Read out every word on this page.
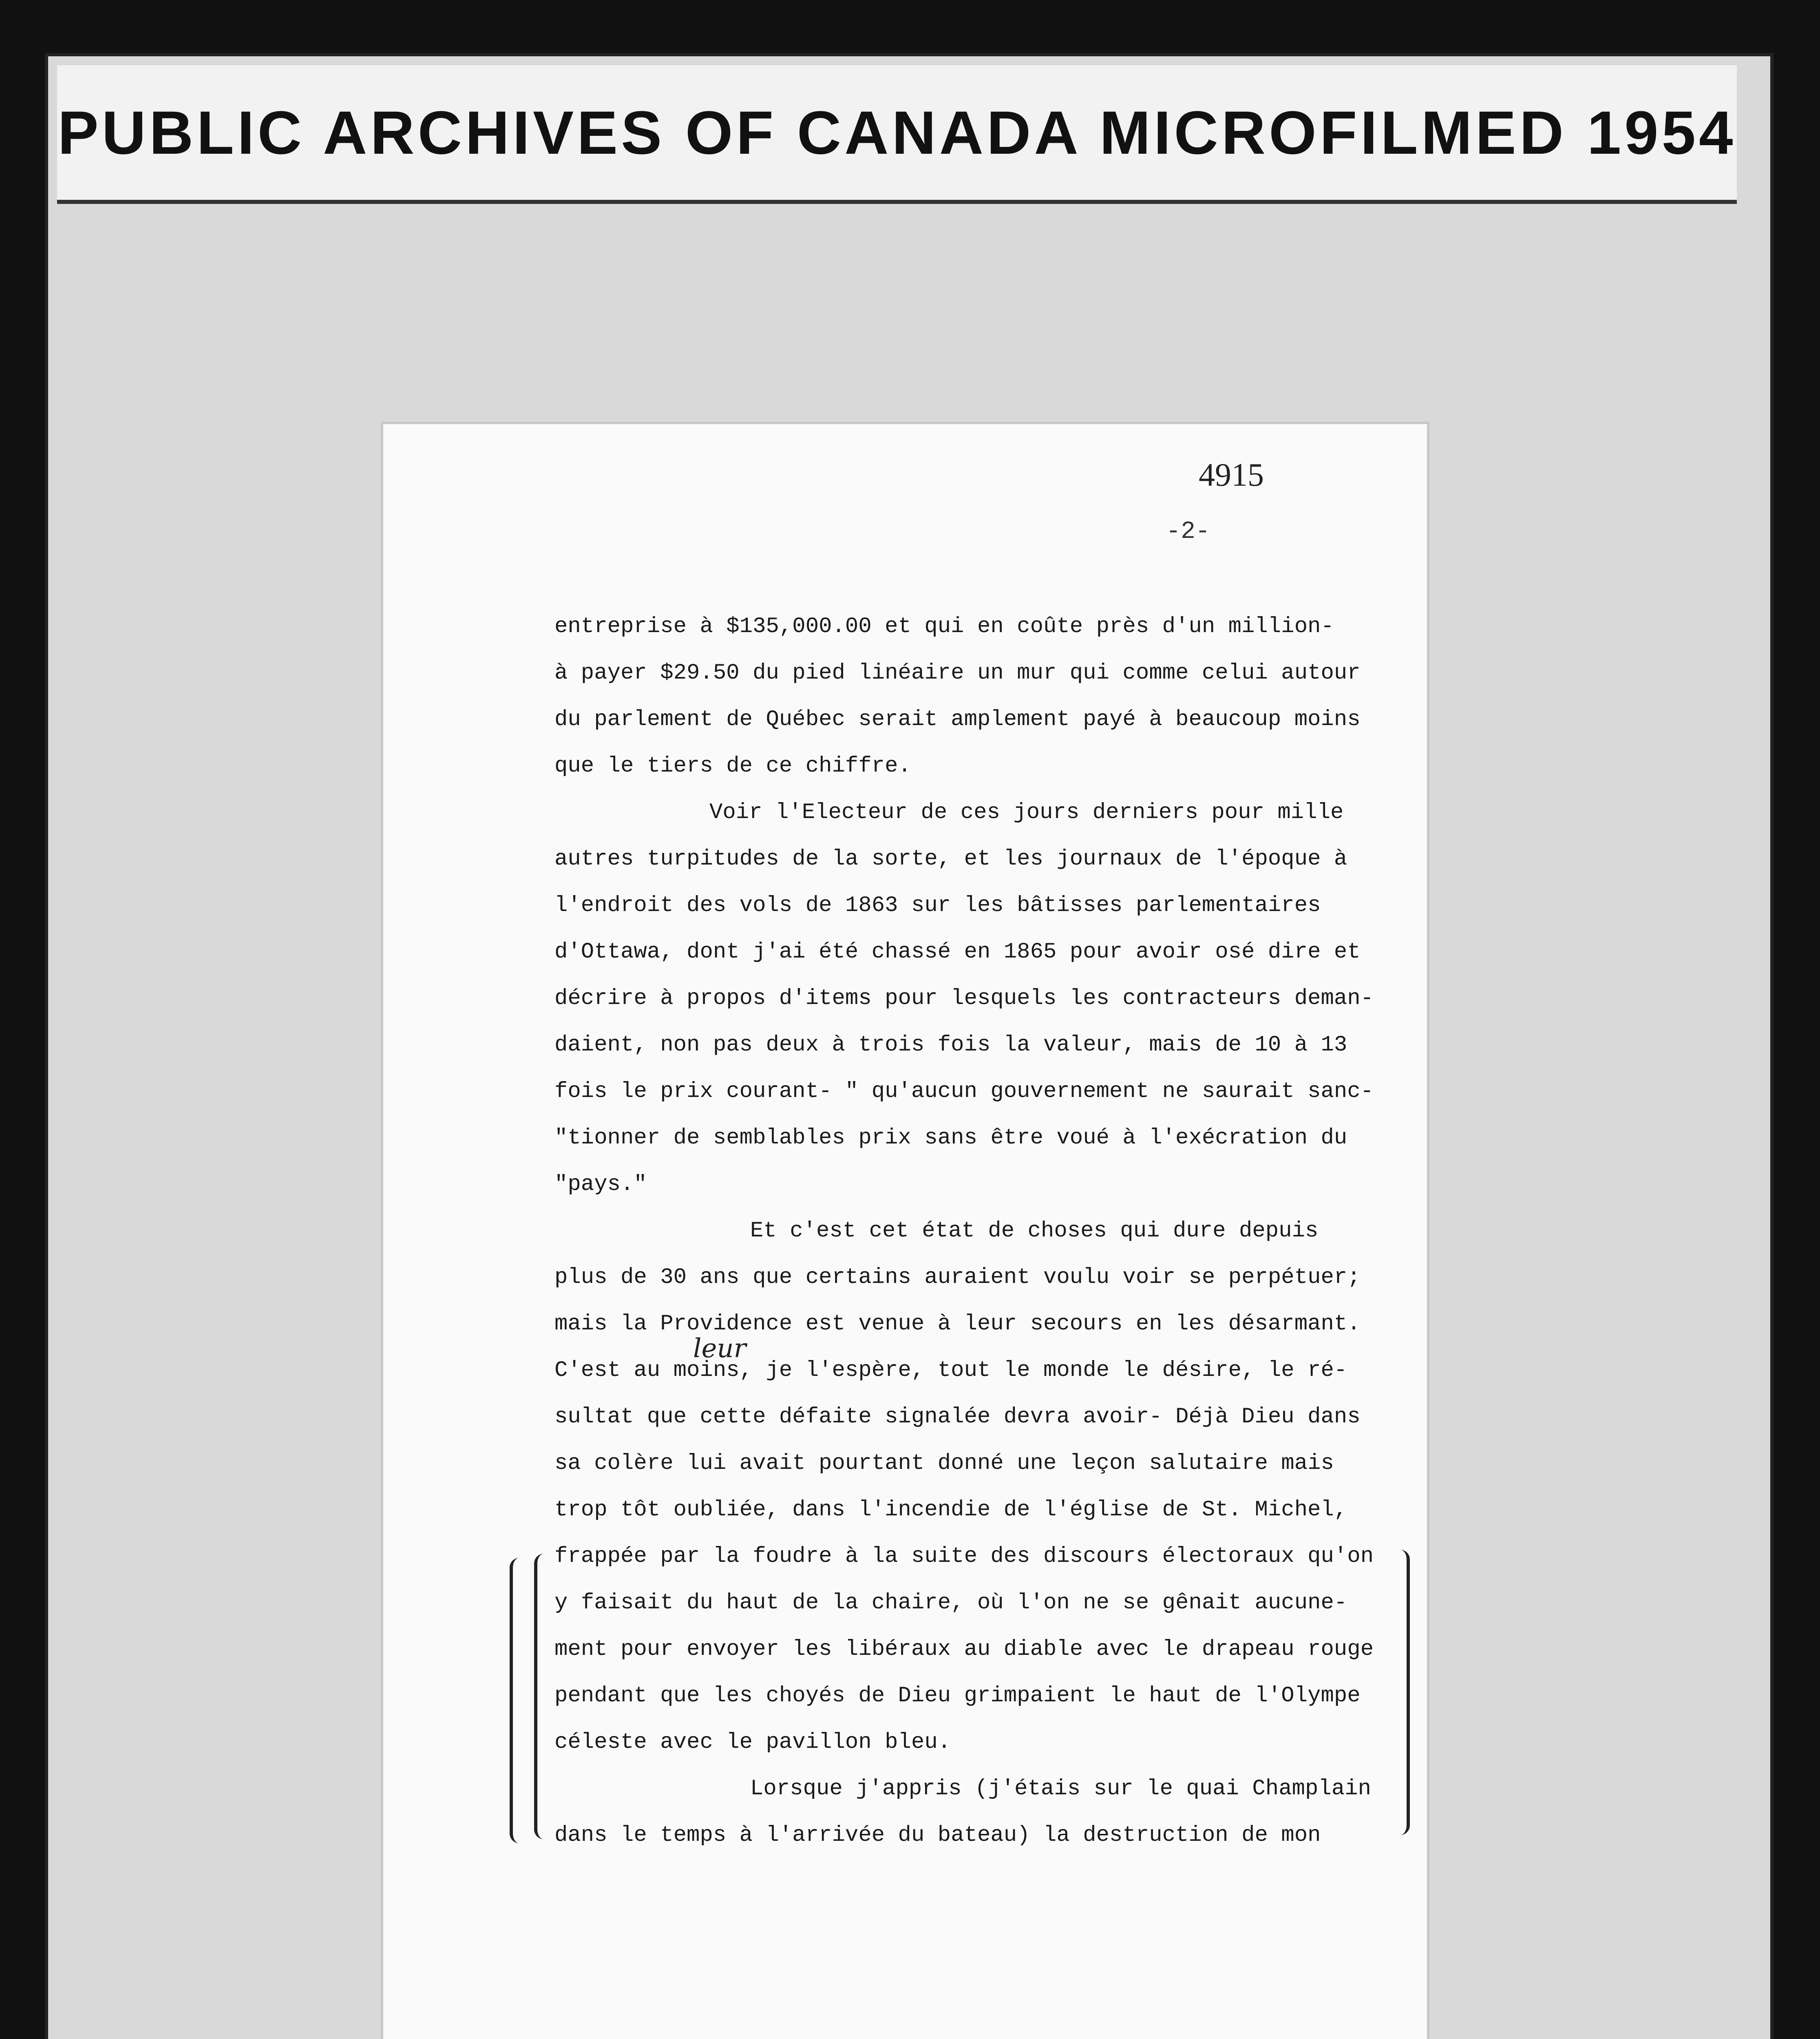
PUBLIC ARCHIVES OF CANADA MICROFILMED 1954
4915
-2-
entreprise à $135,000.00 et qui en coûte près d'un million-
à payer $29.50 du pied linéaire un mur qui comme celui autour
du parlement de Québec serait amplement payé à beaucoup moins
que le tiers de ce chiffre.
Voir l'Electeur de ces jours derniers pour mille
autres turpitudes de la sorte, et les journaux de l'époque à
l'endroit des vols de 1863 sur les bâtisses parlementaires
d'Ottawa, dont j'ai été chassé en 1865 pour avoir osé dire et
décrire à propos d'items pour lesquels les contracteurs deman-
daient, non pas deux à trois fois la valeur, mais de 10 à 13
fois le prix courant- " qu'aucun gouvernement ne saurait sanc-
"tionner de semblables prix sans être voué à l'exécration du
"pays."
Et c'est cet état de choses qui dure depuis
plus de 30 ans que certains auraient voulu voir se perpétuer;
mais la Providence est venue à leur secours en les désarmant.
C'est au moins, je l'espère, tout le monde le désire, le ré-
sultat que cette défaite signalée devra avoir- Déjà Dieu dans
sa colère lui avait pourtant donné une leçon salutaire mais
trop tôt oubliée, dans l'incendie de l'église de St. Michel,
frappée par la foudre à la suite des discours électoraux qu'on
y faisait du haut de la chaire, où l'on ne se gênait aucune-
ment pour envoyer les libéraux au diable avec le drapeau rouge
pendant que les choyés de Dieu grimpaient le haut de l'Olympe
céleste avec le pavillon bleu.
Lorsque j'appris (j'étais sur le quai Champlain
dans le temps à l'arrivée du bateau) la destruction de mon
leur
